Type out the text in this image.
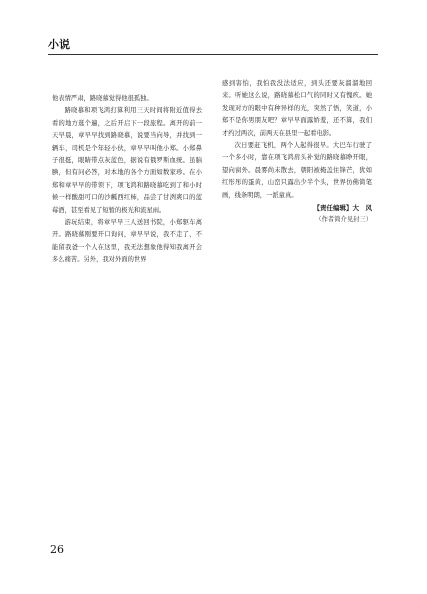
小说

他表情严肃，路晓慕觉得他很孤独。

路晓慕和项飞鸿打算利用三天时间将附近值得去看的地方逛个遍，之后开启下一段旅程。离开的前一天早晨，章早早找到路晓慕，说要当向导，并找到一辆车，司机是个年轻小伙，章早早叫他小郑。小郑鼻子很挺，眼睛带点灰蓝色，据说有俄罗斯血统。虽脑腆，但有问必答，对本地的各个方面如数家珍。在小郑和章早早的带领下，项飞鸿和路晓慕吃到了和小时候一样酸甜可口的沙瓤西红柿，品尝了甘洌爽口的蓝莓酒，甚至看见了短暂的极光和流星雨。

游玩结束，将章早早三人送回书院，小郑驱车离开。路晓慕刚要开口询问，章早早说，我不走了，不能留我爸一个人在这里，我无法想象他得知我离开会多么痛苦。另外，我对外面的世界

感到害怕，我怕我没法适应，到头还要灰溜溜地回来。听她这么说，路晓慕松口气的同时又有愧疚。她发现对方的眼中有种异样的光，突然了悟，笑道，小郑不是你男朋友吧？章早早面露娇羞，还不算，我们才约过两次，前两天在县里一起看电影。

次日要赶飞机，两个人起得很早。大巴车行驶了一个多小时，靠在项飞鸿肩头补觉的路晓慕睁开眼，望向窗外。晨雾尚未散去，朝阳被掩盖住锋芒，犹如红彤彤的蛋黄，山峦只露出少半个头，世界仿佛简笔画，线条明朗，一派童真。

【责任编辑】大　风

（作者简介见封三）

26
